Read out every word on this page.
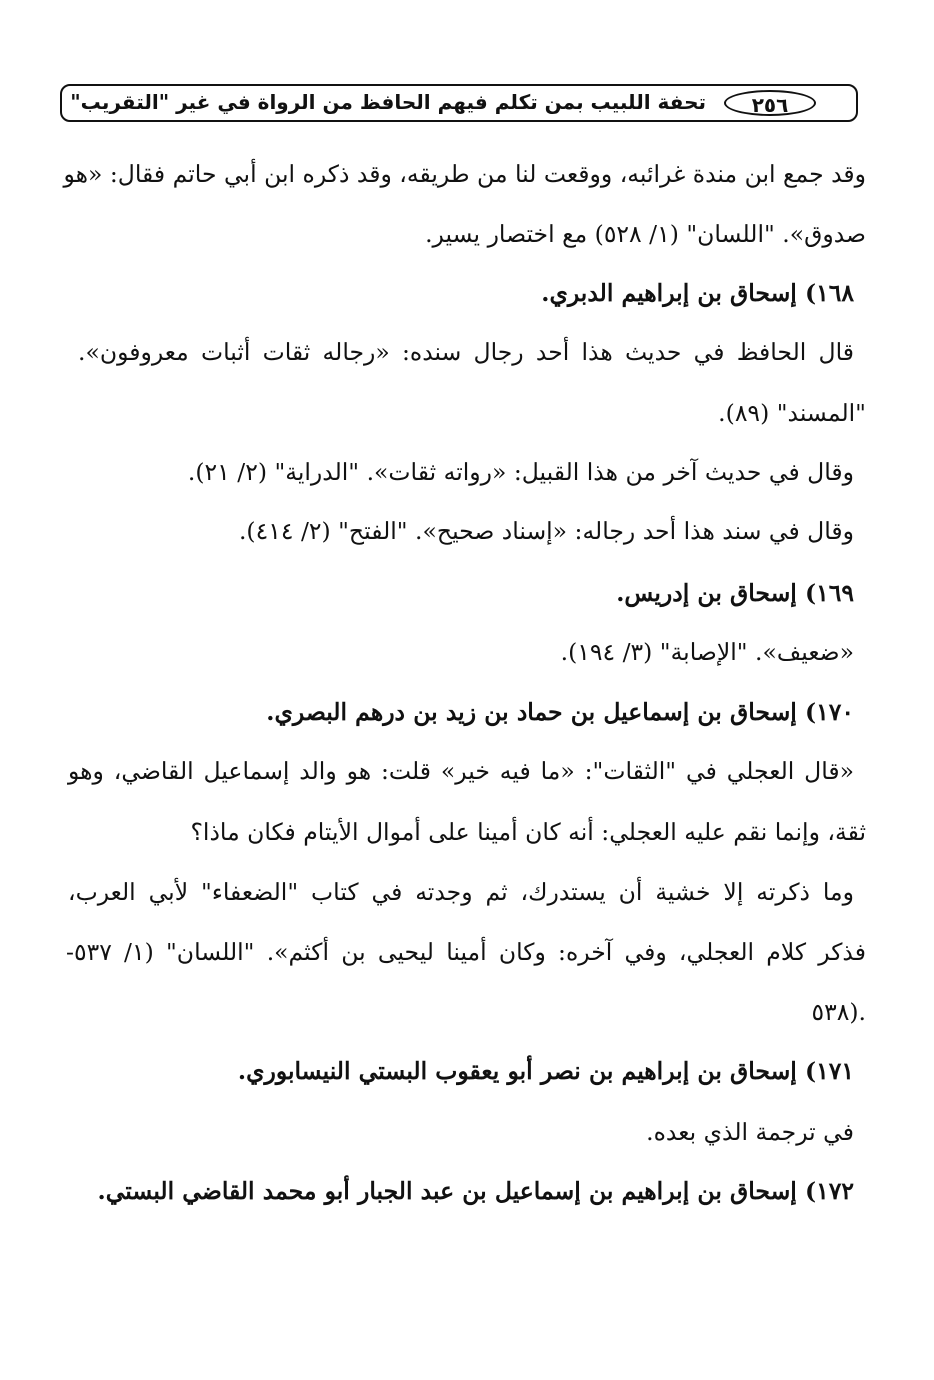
تحفة اللبيب بمن تكلم فيهم الحافظ من الرواة في غير "التقريب"	٢٥٦
وقد جمع ابن مندة غرائبه، ووقعت لنا من طريقه، وقد ذكره ابن أبي حاتم فقال: «هو
صدوق». "اللسان" (١/ ٥٢٨) مع اختصار يسير.
١٦٨) إسحاق بن إبراهيم الدبري.
قال الحافظ في حديث هذا أحد رجال سنده: «رجاله ثقات أثبات معروفون».
"المسند" (٨٩).
وقال في حديث آخر من هذا القبيل: «رواته ثقات». "الدراية" (٢/ ٢١).
وقال في سند هذا أحد رجاله: «إسناد صحيح». "الفتح" (٢/ ٤١٤).
١٦٩) إسحاق بن إدريس.
«ضعيف». "الإصابة" (٣/ ١٩٤).
١٧٠) إسحاق بن إسماعيل بن حماد بن زيد بن درهم البصري.
«قال العجلي في "الثقات": «ما فيه خير» قلت: هو والد إسماعيل القاضي، وهو
ثقة، وإنما نقم عليه العجلي: أنه كان أمينا على أموال الأيتام فكان ماذا؟
وما ذكرته إلا خشية أن يستدرك، ثم وجدته في كتاب "الضعفاء" لأبي العرب،
فذكر كلام العجلي، وفي آخره: وكان أمينا ليحيى بن أكثم». "اللسان" (١/ ٥٣٧-
٥٣٨).
١٧١) إسحاق بن إبراهيم بن نصر أبو يعقوب البستي النيسابوري.
في ترجمة الذي بعده.
١٧٢) إسحاق بن إبراهيم بن إسماعيل بن عبد الجبار أبو محمد القاضي البستي.
